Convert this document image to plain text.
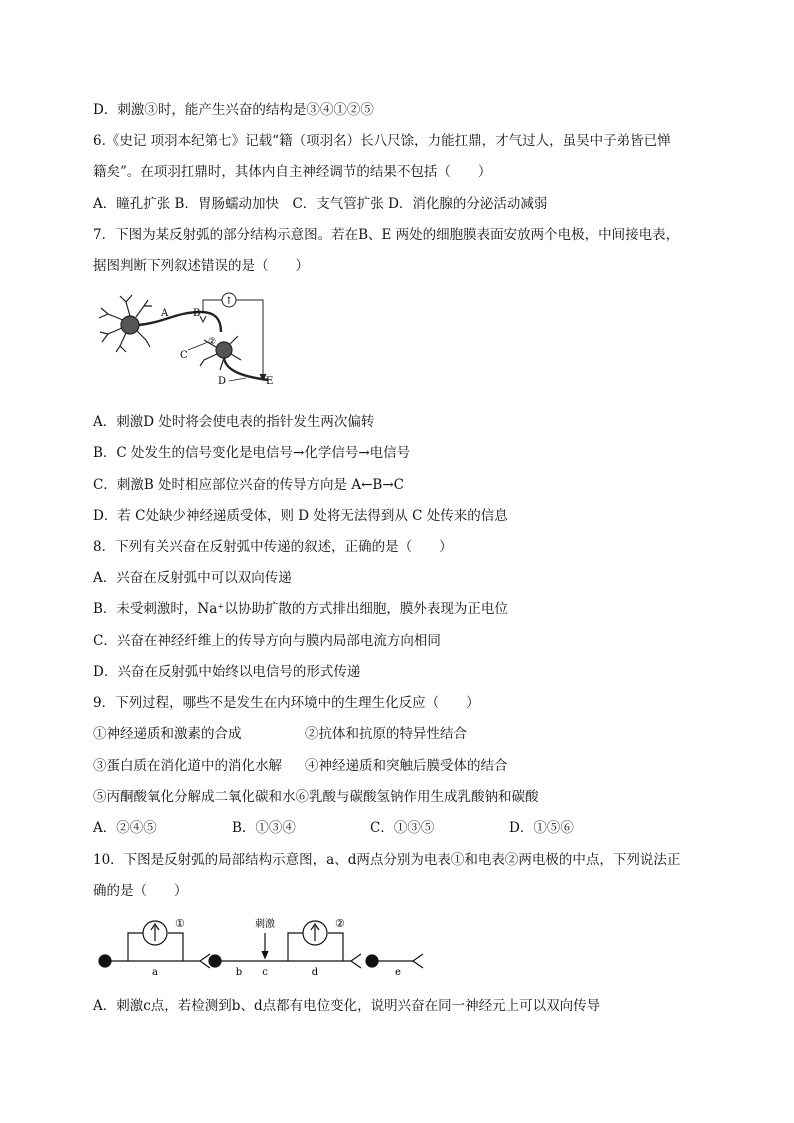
D．刺激③时，能产生兴奋的结构是③④①②⑤
6.《史记 项羽本纪第七》记载“籍（项羽名）长八尺馀，力能扛鼎，才气过人，虽吴中子弟皆已惮
籍矣”。在项羽扛鼎时，其体内自主神经调节的结果不包括（　　）
A．瞳孔扩张 B．胃肠蠕动加快　C．支气管扩张 D．消化腺的分泌活动减弱
7．下图为某反射弧的部分结构示意图。若在B、E 两处的细胞膜表面安放两个电极，中间接电表，
据图判断下列叙述错误的是（　　）
↑
A B
C
②
D	E
A．刺激D 处时将会使电表的指针发生两次偏转
B．C 处发生的信号变化是电信号→化学信号→电信号
C．刺激B 处时相应部位兴奋的传导方向是 A←B→C
D．若 C处缺少神经递质受体，则 D 处将无法得到从 C 处传来的信息
8．下列有关兴奋在反射弧中传递的叙述，正确的是（　　）
A．兴奋在反射弧中可以双向传递
B．未受刺激时，Na⁺以协助扩散的方式排出细胞，膜外表现为正电位
C．兴奋在神经纤维上的传导方向与膜内局部电流方向相同
D．兴奋在反射弧中始终以电信号的形式传递
9．下列过程，哪些不是发生在内环境中的生理生化反应（　　）
①神经递质和激素的合成	②抗体和抗原的特异性结合
③蛋白质在消化道中的消化水解 ④神经递质和突触后膜受体的结合
⑤丙酮酸氧化分解成二氧化碳和水⑥乳酸与碳酸氢钠作用生成乳酸钠和碳酸
A．②④⑤	B．①③④	C．①③⑤	D．①⑤⑥
10．下图是反射弧的局部结构示意图，a、d两点分别为电表①和电表②两电极的中点，下列说法正
确的是（　　）
①	②
刺激
a	b c	d	e
A．刺激c点，若检测到b、d点都有电位变化，说明兴奋在同一神经元上可以双向传导
